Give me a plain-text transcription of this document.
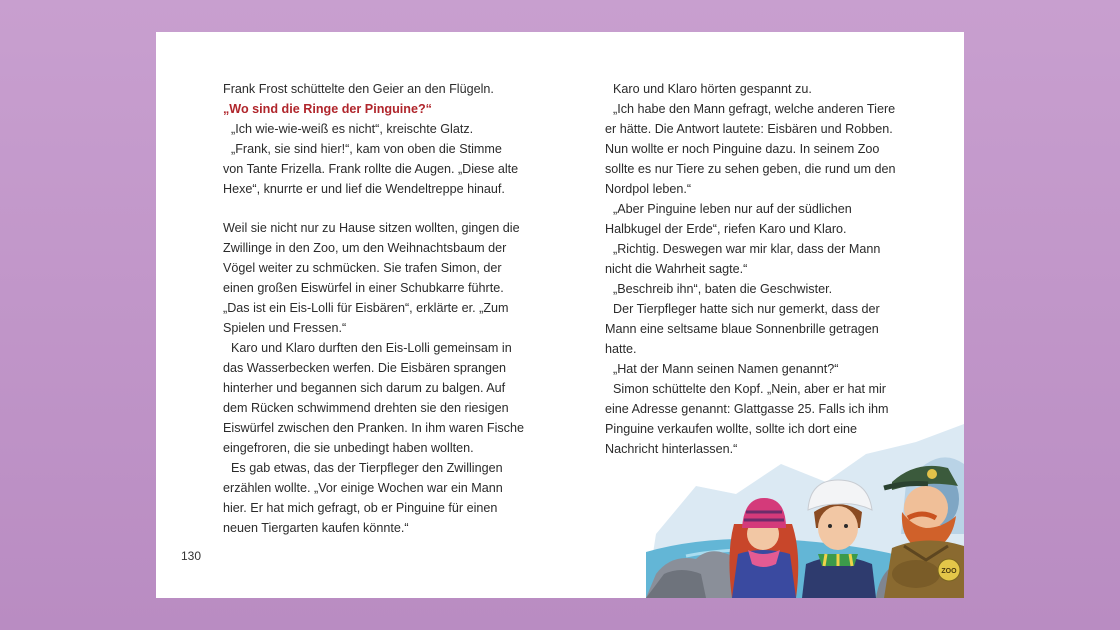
Frank Frost schüttelte den Geier an den Flügeln.
„Wo sind die Ringe der Pinguine?“
„Ich wie-wie-weiß es nicht“, kreischte Glatz.
„Frank, sie sind hier!“, kam von oben die Stimme
von Tante Frizella. Frank rollte die Augen. „Diese alte
Hexe“, knurrte er und lief die Wendeltreppe hinauf.
Weil sie nicht nur zu Hause sitzen wollten, gingen die
Zwillinge in den Zoo, um den Weihnachtsbaum der
Vögel weiter zu schmücken. Sie trafen Simon, der
einen großen Eiswürfel in einer Schubkarre führte.
„Das ist ein Eis-Lolli für Eisbären“, erklärte er. „Zum
Spielen und Fressen.“
Karo und Klaro durften den Eis-Lolli gemeinsam in
das Wasserbecken werfen. Die Eisbären sprangen
hinterher und begannen sich darum zu balgen. Auf
dem Rücken schwimmend drehten sie den riesigen
Eiswürfel zwischen den Pranken. In ihm waren Fische
eingefroren, die sie unbedingt haben wollten.
Es gab etwas, das der Tierpfleger den Zwillingen
erzählen wollte. „Vor einige Wochen war ein Mann
hier. Er hat mich gefragt, ob er Pinguine für einen
neuen Tiergarten kaufen könnte.“
130
Karo und Klaro hörten gespannt zu.
„Ich habe den Mann gefragt, welche anderen Tiere
er hätte. Die Antwort lautete: Eisbären und Robben.
Nun wollte er noch Pinguine dazu. In seinem Zoo
sollte es nur Tiere zu sehen geben, die rund um den
Nordpol leben.“
„Aber Pinguine leben nur auf der südlichen
Halbkugel der Erde“, riefen Karo und Klaro.
„Richtig. Deswegen war mir klar, dass der Mann
nicht die Wahrheit sagte.“
„Beschreib ihn“, baten die Geschwister.
Der Tierpfleger hatte sich nur gemerkt, dass der
Mann eine seltsame blaue Sonnenbrille getragen
hatte.
„Hat der Mann seinen Namen genannt?“
Simon schüttelte den Kopf. „Nein, aber er hat mir
eine Adresse genannt: Glattgasse 25. Falls ich ihm
Pinguine verkaufen wollte, sollte ich dort eine
Nachricht hinterlassen.“
ZOO
